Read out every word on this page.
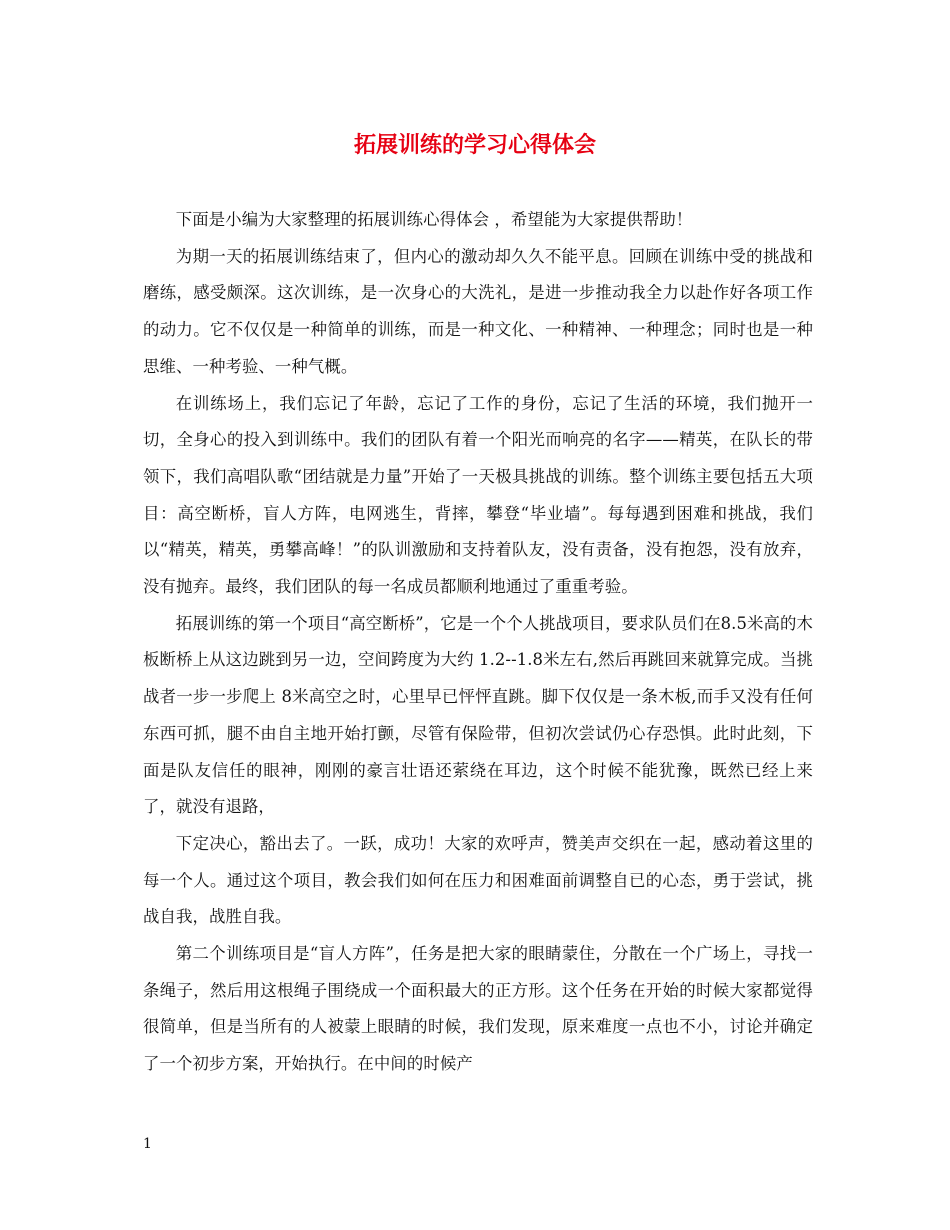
拓展训练的学习心得体会

下面是小编为大家整理的拓展训练心得体会 ，希望能为大家提供帮助！

为期一天的拓展训练结束了，但内心的激动却久久不能平息。回顾在训练中受的挑战和磨练，感受颇深。这次训练，是一次身心的大洗礼，是进一步推动我全力以赴作好各项工作的动力。它不仅仅是一种简单的训练，而是一种文化、一种精神、一种理念；同时也是一种思维、一种考验、一种气概。

在训练场上，我们忘记了年龄，忘记了工作的身份，忘记了生活的环境，我们抛开一切，全身心的投入到训练中。我们的团队有着一个阳光而响亮的名字——精英，在队长的带领下，我们高唱队歌“团结就是力量”开始了一天极具挑战的训练。整个训练主要包括五大项目：高空断桥，盲人方阵，电网逃生，背摔，攀登“毕业墙”。每每遇到困难和挑战，我们以“精英，精英，勇攀高峰！”的队训激励和支持着队友，没有责备，没有抱怨，没有放弃，没有抛弃。最终，我们团队的每一名成员都顺利地通过了重重考验。

拓展训练的第一个项目“高空断桥”，它是一个个人挑战项目，要求队员们在8.5米高的木板断桥上从这边跳到另一边，空间跨度为大约 1.2--1.8米左右,然后再跳回来就算完成。当挑战者一步一步爬上 8米高空之时，心里早已怦怦直跳。脚下仅仅是一条木板,而手又没有任何东西可抓，腿不由自主地开始打颤，尽管有保险带，但初次尝试仍心存恐惧。此时此刻，下面是队友信任的眼神，刚刚的豪言壮语还萦绕在耳边，这个时候不能犹豫，既然已经上来了，就没有退路，

下定决心，豁出去了。一跃，成功！大家的欢呼声，赞美声交织在一起，感动着这里的每一个人。通过这个项目，教会我们如何在压力和困难面前调整自已的心态，勇于尝试，挑战自我，战胜自我。

第二个训练项目是“盲人方阵”，任务是把大家的眼睛蒙住，分散在一个广场上，寻找一条绳子，然后用这根绳子围绕成一个面积最大的正方形。这个任务在开始的时候大家都觉得很简单，但是当所有的人被蒙上眼睛的时候，我们发现，原来难度一点也不小，讨论并确定了一个初步方案，开始执行。在中间的时候产

1
